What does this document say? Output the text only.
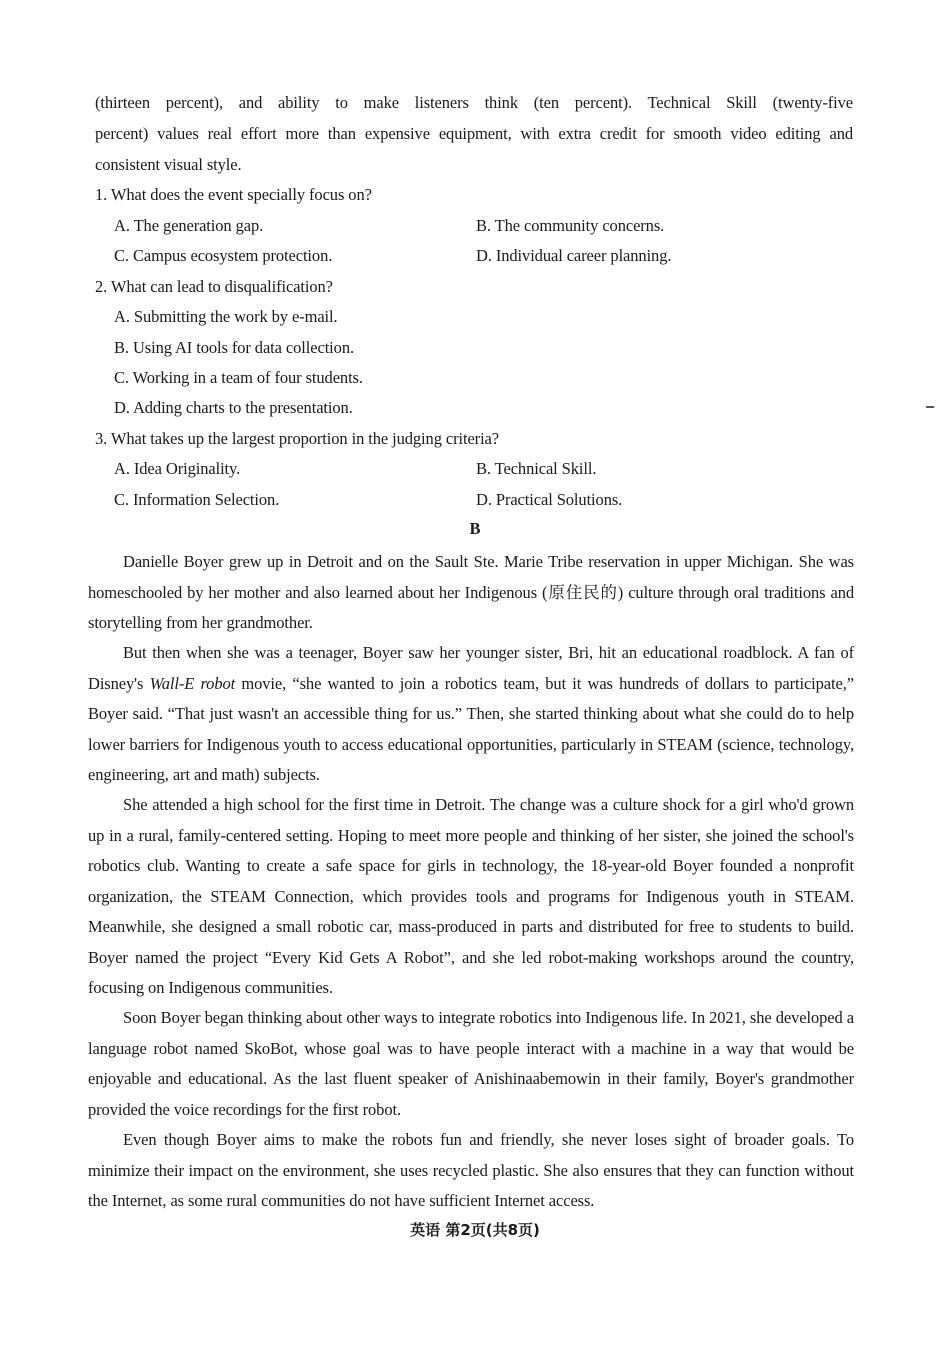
(thirteen percent), and ability to make listeners think (ten percent). Technical Skill (twenty-five
percent) values real effort more than expensive equipment, with extra credit for smooth video editing and
consistent visual style.
1. What does the event specially focus on?
A. The generation gap.	B. The community concerns.
C. Campus ecosystem protection.	D. Individual career planning.
2. What can lead to disqualification?
A. Submitting the work by e-mail.
B. Using AI tools for data collection.
C. Working in a team of four students.
D. Adding charts to the presentation.
3. What takes up the largest proportion in the judging criteria?
A. Idea Originality.	B. Technical Skill.
C. Information Selection.	D. Practical Solutions.
B
Danielle Boyer grew up in Detroit and on the Sault Ste. Marie Tribe reservation in upper Michigan. She was homeschooled by her mother and also learned about her Indigenous (原住民的) culture through oral traditions and storytelling from her grandmother.
But then when she was a teenager, Boyer saw her younger sister, Bri, hit an educational roadblock. A fan of Disney's Wall-E robot movie, “she wanted to join a robotics team, but it was hundreds of dollars to participate,” Boyer said. “That just wasn't an accessible thing for us.” Then, she started thinking about what she could do to help lower barriers for Indigenous youth to access educational opportunities, particularly in STEAM (science, technology, engineering, art and math) subjects.
She attended a high school for the first time in Detroit. The change was a culture shock for a girl who'd grown up in a rural, family-centered setting. Hoping to meet more people and thinking of her sister, she joined the school's robotics club. Wanting to create a safe space for girls in technology, the 18-year-old Boyer founded a nonprofit organization, the STEAM Connection, which provides tools and programs for Indigenous youth in STEAM. Meanwhile, she designed a small robotic car, mass-produced in parts and distributed for free to students to build. Boyer named the project “Every Kid Gets A Robot”, and she led robot-making workshops around the country, focusing on Indigenous communities.
Soon Boyer began thinking about other ways to integrate robotics into Indigenous life. In 2021, she developed a language robot named SkoBot, whose goal was to have people interact with a machine in a way that would be enjoyable and educational. As the last fluent speaker of Anishinaabemowin in their family, Boyer's grandmother provided the voice recordings for the first robot.
Even though Boyer aims to make the robots fun and friendly, she never loses sight of broader goals. To minimize their impact on the environment, she uses recycled plastic. She also ensures that they can function without the Internet, as some rural communities do not have sufficient Internet access.
英语 第2页(共8页)
